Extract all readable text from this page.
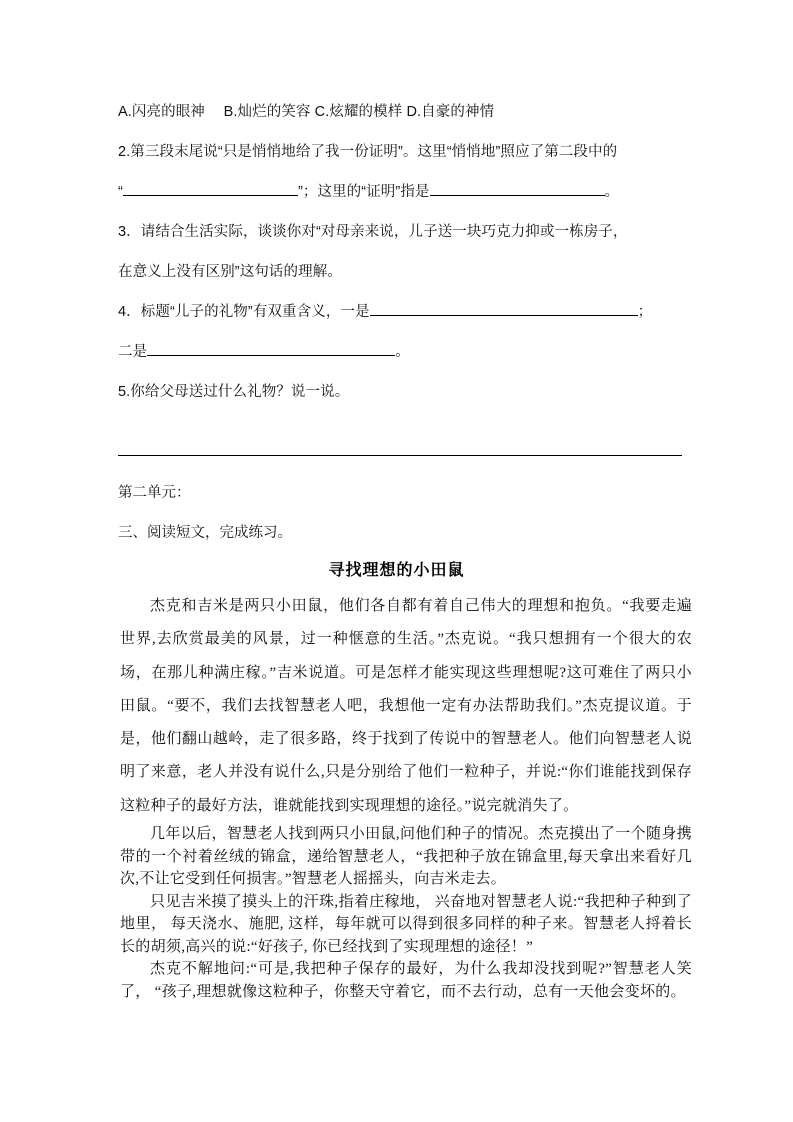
A.闪亮的眼神　 B.灿烂的笑容 C.炫耀的模样 D.自豪的神情
2.第三段末尾说“只是悄悄地给了我一份证明”。这里“悄悄地”照应了第二段中的
“	”；这里的“证明”指是	。
3．请结合生活实际，谈谈你对“对母亲来说，儿子送一块巧克力抑或一栋房子，
在意义上没有区别”这句话的理解。
4．标题“儿子的礼物”有双重含义，一是	；
二是	。
5.你给父母送过什么礼物？说一说。
第二单元：
三、阅读短文，完成练习。
寻找理想的小田鼠

杰克和吉米是两只小田鼠，他们各自都有着自己伟大的理想和抱负。“我要走遍世界,去欣赏最美的风景，过一种惬意的生活。”杰克说。“我只想拥有一个很大的农场，在那儿种满庄稼。”吉米说道。可是怎样才能实现这些理想呢?这可难住了两只小田鼠。“要不，我们去找智慧老人吧，我想他一定有办法帮助我们。”杰克提议道。于是，他们翻山越岭，走了很多路，终于找到了传说中的智慧老人。他们向智慧老人说明了来意，老人并没有说什么,只是分别给了他们一粒种子，并说:“你们谁能找到保存这粒种子的最好方法，谁就能找到实现理想的途径。”说完就消失了。

几年以后，智慧老人找到两只小田鼠,问他们种子的情况。杰克摸出了一个随身携带的一个衬着丝绒的锦盒，递给智慧老人，“我把种子放在锦盒里,每天拿出来看好几次,不让它受到任何损害。”智慧老人摇摇头，向吉米走去。

只见吉米摸了摸头上的汗珠,指着庄稼地， 兴奋地对智慧老人说:“我把种子种到了地里， 每天浇水、施肥, 这样，每年就可以得到很多同样的种子来。智慧老人捋着长长的胡须,高兴的说:“好孩子, 你已经找到了实现理想的途径！”

杰克不解地问:“可是,我把种子保存的最好，为什么我却没找到呢?”智慧老人笑了， “孩子,理想就像这粒种子，你整天守着它，而不去行动，总有一天他会变坏的。
